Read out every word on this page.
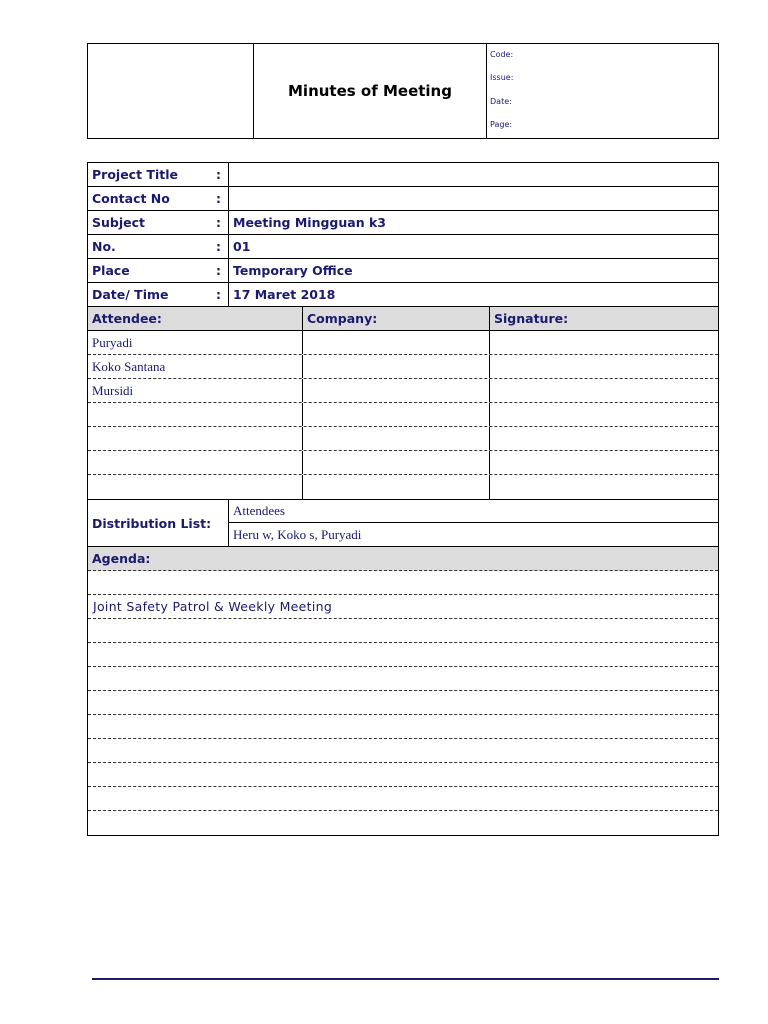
Minutes of Meeting
Code:
Issue:
Date:
Page:
Project Title	:
Contact No	:
Subject	: Meeting Mingguan k3
No.	: 01
Place	: Temporary Office
Date/ Time	: 17 Maret 2018
Attendee:	Company:	Signature:
Puryadi
Koko Santana
Mursidi
Distribution List:
Attendees
Heru w, Koko s, Puryadi
Agenda:
Joint Safety Patrol & Weekly Meeting
